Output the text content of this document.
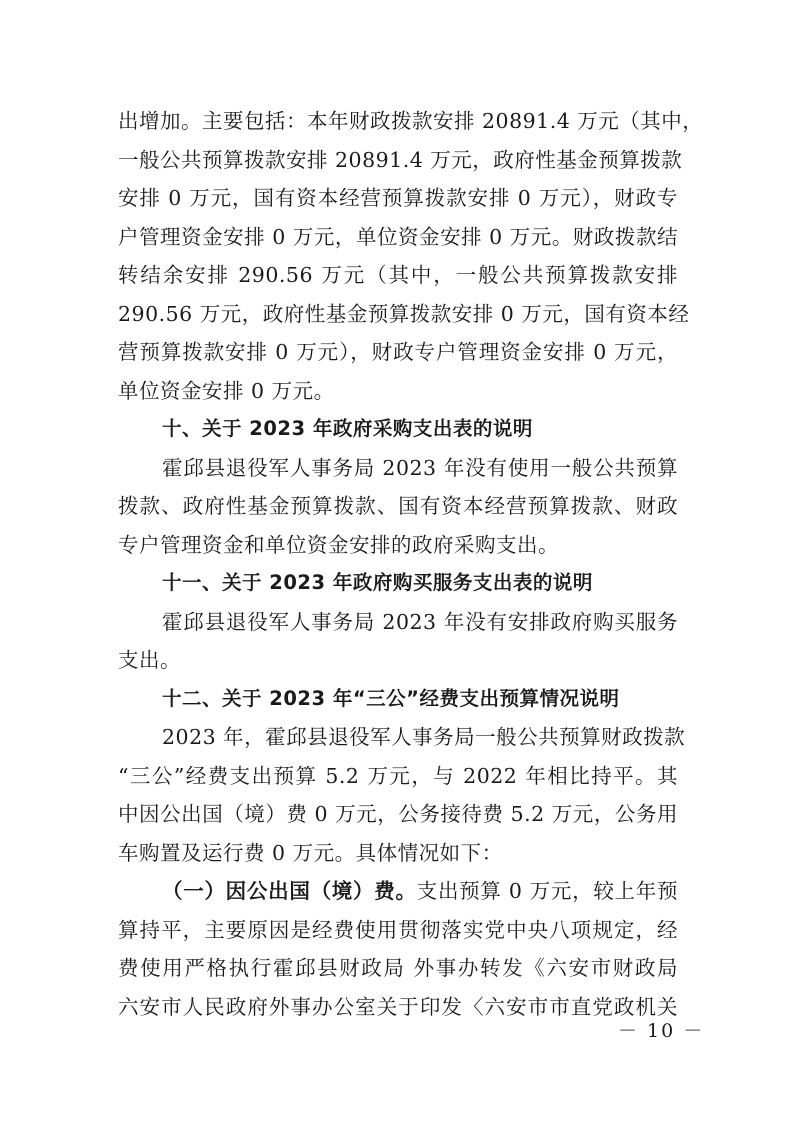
出增加。主要包括：本年财政拨款安排 20891.4 万元（其中，
一般公共预算拨款安排 20891.4 万元，政府性基金预算拨款
安排 0 万元，国有资本经营预算拨款安排 0 万元），财政专
户管理资金安排 0 万元，单位资金安排 0 万元。财政拨款结
转结余安排 290.56 万元（其中，一般公共预算拨款安排
290.56 万元，政府性基金预算拨款安排 0 万元，国有资本经
营预算拨款安排 0 万元），财政专户管理资金安排 0 万元，
单位资金安排 0 万元。
十、关于 2023 年政府采购支出表的说明
霍邱县退役军人事务局 2023 年没有使用一般公共预算
拨款、政府性基金预算拨款、国有资本经营预算拨款、财政
专户管理资金和单位资金安排的政府采购支出。
十一、关于 2023 年政府购买服务支出表的说明
霍邱县退役军人事务局 2023 年没有安排政府购买服务
支出。
十二、关于 2023 年“三公”经费支出预算情况说明
2023 年，霍邱县退役军人事务局一般公共预算财政拨款
“三公”经费支出预算 5.2 万元，与 2022 年相比持平。其
中因公出国（境）费 0 万元，公务接待费 5.2 万元，公务用
车购置及运行费 0 万元。具体情况如下：
（一）因公出国（境）费。支出预算 0 万元，较上年预
算持平，主要原因是经费使用贯彻落实党中央八项规定，经
费使用严格执行霍邱县财政局 外事办转发《六安市财政局
六安市人民政府外事办公室关于印发〈六安市市直党政机关
－ 10 －
